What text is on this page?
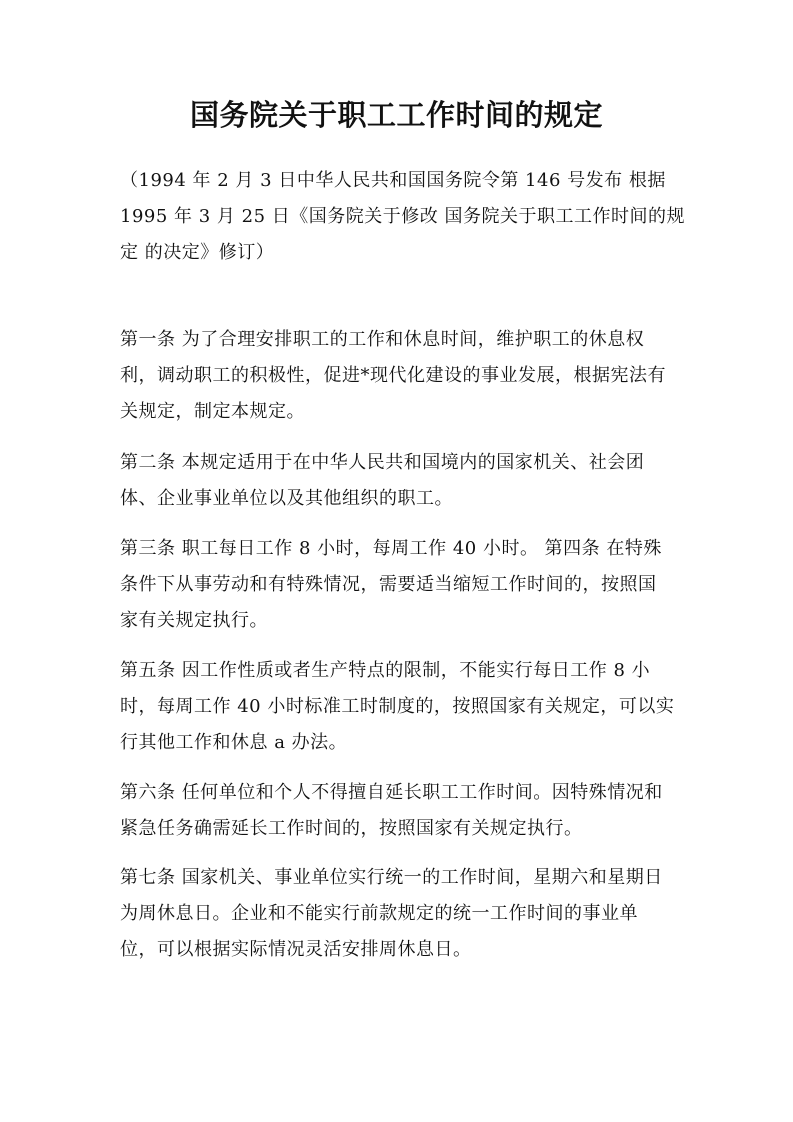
国务院关于职工工作时间的规定
（1994 年 2 月 3 日中华人民共和国国务院令第 146 号发布 根据
1995 年 3 月 25 日《国务院关于修改 国务院关于职工工作时间的规
定 的决定》修订）
第一条 为了合理安排职工的工作和休息时间，维护职工的休息权
利，调动职工的积极性，促进*现代化建设的事业发展，根据宪法有
关规定，制定本规定。
第二条 本规定适用于在中华人民共和国境内的国家机关、社会团
体、企业事业单位以及其他组织的职工。
第三条 职工每日工作 8 小时，每周工作 40 小时。 第四条 在特殊
条件下从事劳动和有特殊情况，需要适当缩短工作时间的，按照国
家有关规定执行。
第五条 因工作性质或者生产特点的限制，不能实行每日工作 8 小
时，每周工作 40 小时标准工时制度的，按照国家有关规定，可以实
行其他工作和休息 a 办法。
第六条 任何单位和个人不得擅自延长职工工作时间。因特殊情况和
紧急任务确需延长工作时间的，按照国家有关规定执行。
第七条 国家机关、事业单位实行统一的工作时间，星期六和星期日
为周休息日。企业和不能实行前款规定的统一工作时间的事业单
位，可以根据实际情况灵活安排周休息日。
